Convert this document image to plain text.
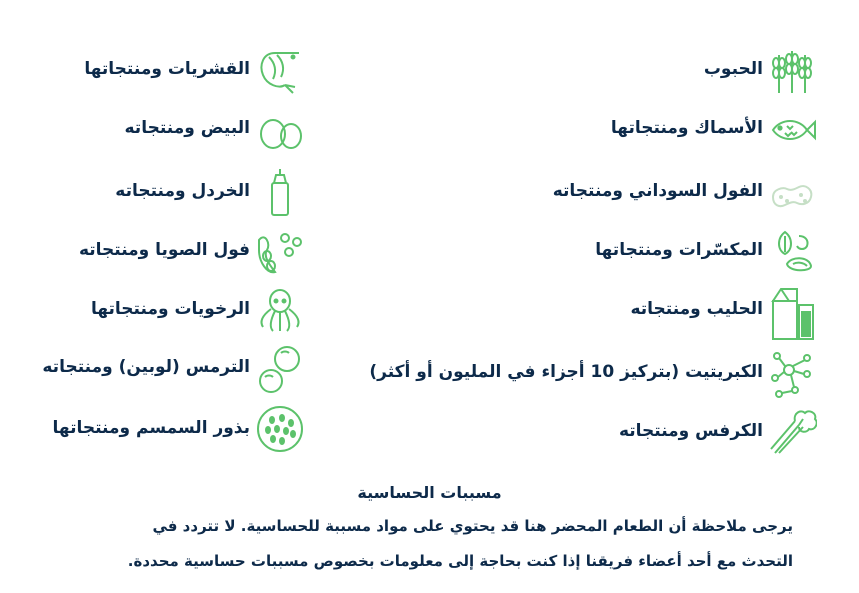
الحبوب
الأسماك ومنتجاتها
الفول السوداني ومنتجاته
المكسّرات ومنتجاتها
الحليب ومنتجاته
الكبريتيت (بتركيز 10 أجزاء في المليون أو أكثر)
الكرفس ومنتجاته
القشريات ومنتجاتها
البيض ومنتجاته
الخردل ومنتجاته
فول الصويا ومنتجاته
الرخويات ومنتجاتها
الترمس (لوبين) ومنتجاته
بذور السمسم ومنتجاتها
مسببات الحساسية
يرجى ملاحظة أن الطعام المحضر هنا قد يحتوي على مواد مسببة للحساسية. لا تتردد في
التحدث مع أحد أعضاء فريقنا إذا كنت بحاجة إلى معلومات بخصوص مسببات حساسية محددة.
